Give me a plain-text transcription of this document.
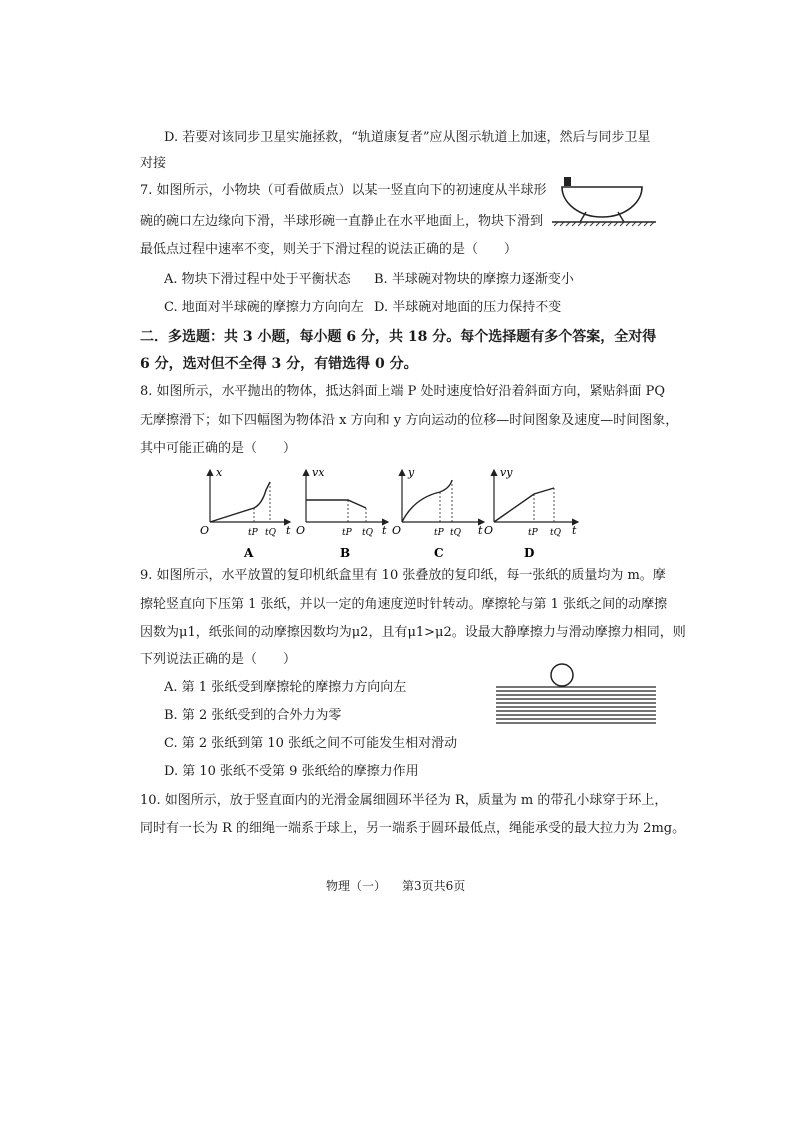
D. 若要对该同步卫星实施拯救，“轨道康复者”应从图示轨道上加速，然后与同步卫星
对接
7. 如图所示，小物块（可看做质点）以某一竖直向下的初速度从半球形
碗的碗口左边缘向下滑，半球形碗一直静止在水平地面上，物块下滑到
最低点过程中速率不变，则关于下滑过程的说法正确的是（　　）
A. 物块下滑过程中处于平衡状态 B. 半球碗对物块的摩擦力逐渐变小
C. 地面对半球碗的摩擦力方向向左 D. 半球碗对地面的压力保持不变
二．多选题：共 3 小题，每小题 6 分，共 18 分。每个选择题有多个答案，全对得
6 分，选对但不全得 3 分，有错选得 0 分。
8. 如图所示，水平抛出的物体，抵达斜面上端 P 处时速度恰好沿着斜面方向，紧贴斜面 PQ
无摩擦滑下；如下四幅图为物体沿 x 方向和 y 方向运动的位移—时间图象及速度—时间图象，
其中可能正确的是（　　）
x
O	tP tQ t
A
vx
O	tP tQ t
B
y
O	tP tQ t
C
vy
O	tP tQ t
D
9. 如图所示，水平放置的复印机纸盒里有 10 张叠放的复印纸，每一张纸的质量均为 m。摩
擦轮竖直向下压第 1 张纸，并以一定的角速度逆时针转动。摩擦轮与第 1 张纸之间的动摩擦
因数为μ1，纸张间的动摩擦因数均为μ2，且有μ1>μ2。设最大静摩擦力与滑动摩擦力相同，则
下列说法正确的是（　　）
A. 第 1 张纸受到摩擦轮的摩擦力方向向左
B. 第 2 张纸受到的合外力为零
C. 第 2 张纸到第 10 张纸之间不可能发生相对滑动
D. 第 10 张纸不受第 9 张纸给的摩擦力作用
10. 如图所示，放于竖直面内的光滑金属细圆环半径为 R，质量为 m 的带孔小球穿于环上，
同时有一长为 R 的细绳一端系于球上，另一端系于圆环最低点，绳能承受的最大拉力为 2mg。
物理（一） 第3页共6页
